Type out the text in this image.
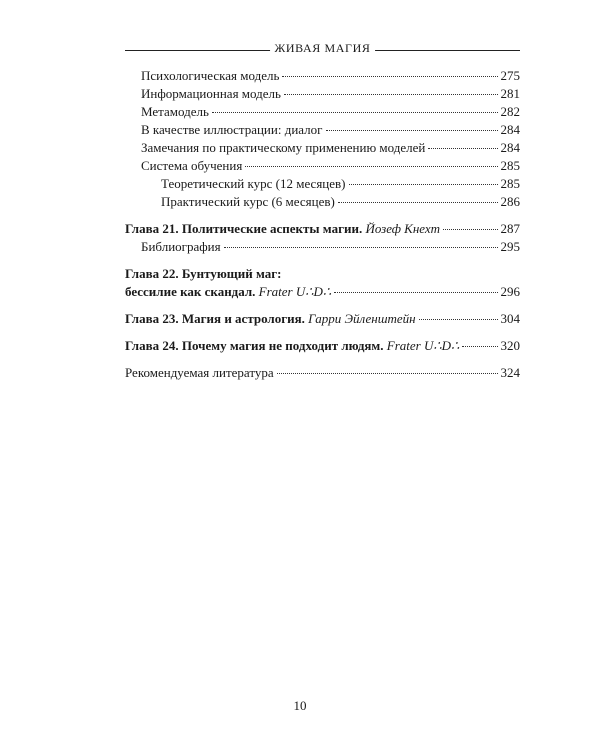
ЖИВАЯ МАГИЯ
Психологическая модель	275
Информационная модель	281
Метамодель	282
В качестве иллюстрации: диалог	284
Замечания по практическому применению моделей	284
Система обучения	285
Теоретический курс (12 месяцев)	285
Практический курс (6 месяцев)	286
Глава 21. Политические аспекты магии. Йозеф Кнехт	287
Библиография	295
Глава 22. Бунтующий маг:
бессилие как скандал. Frater U∴D∴	296
Глава 23. Магия и астрология. Гарри Эйленштейн	304
Глава 24. Почему магия не подходит людям. Frater U∴D∴	320
Рекомендуемая литература	324
10
